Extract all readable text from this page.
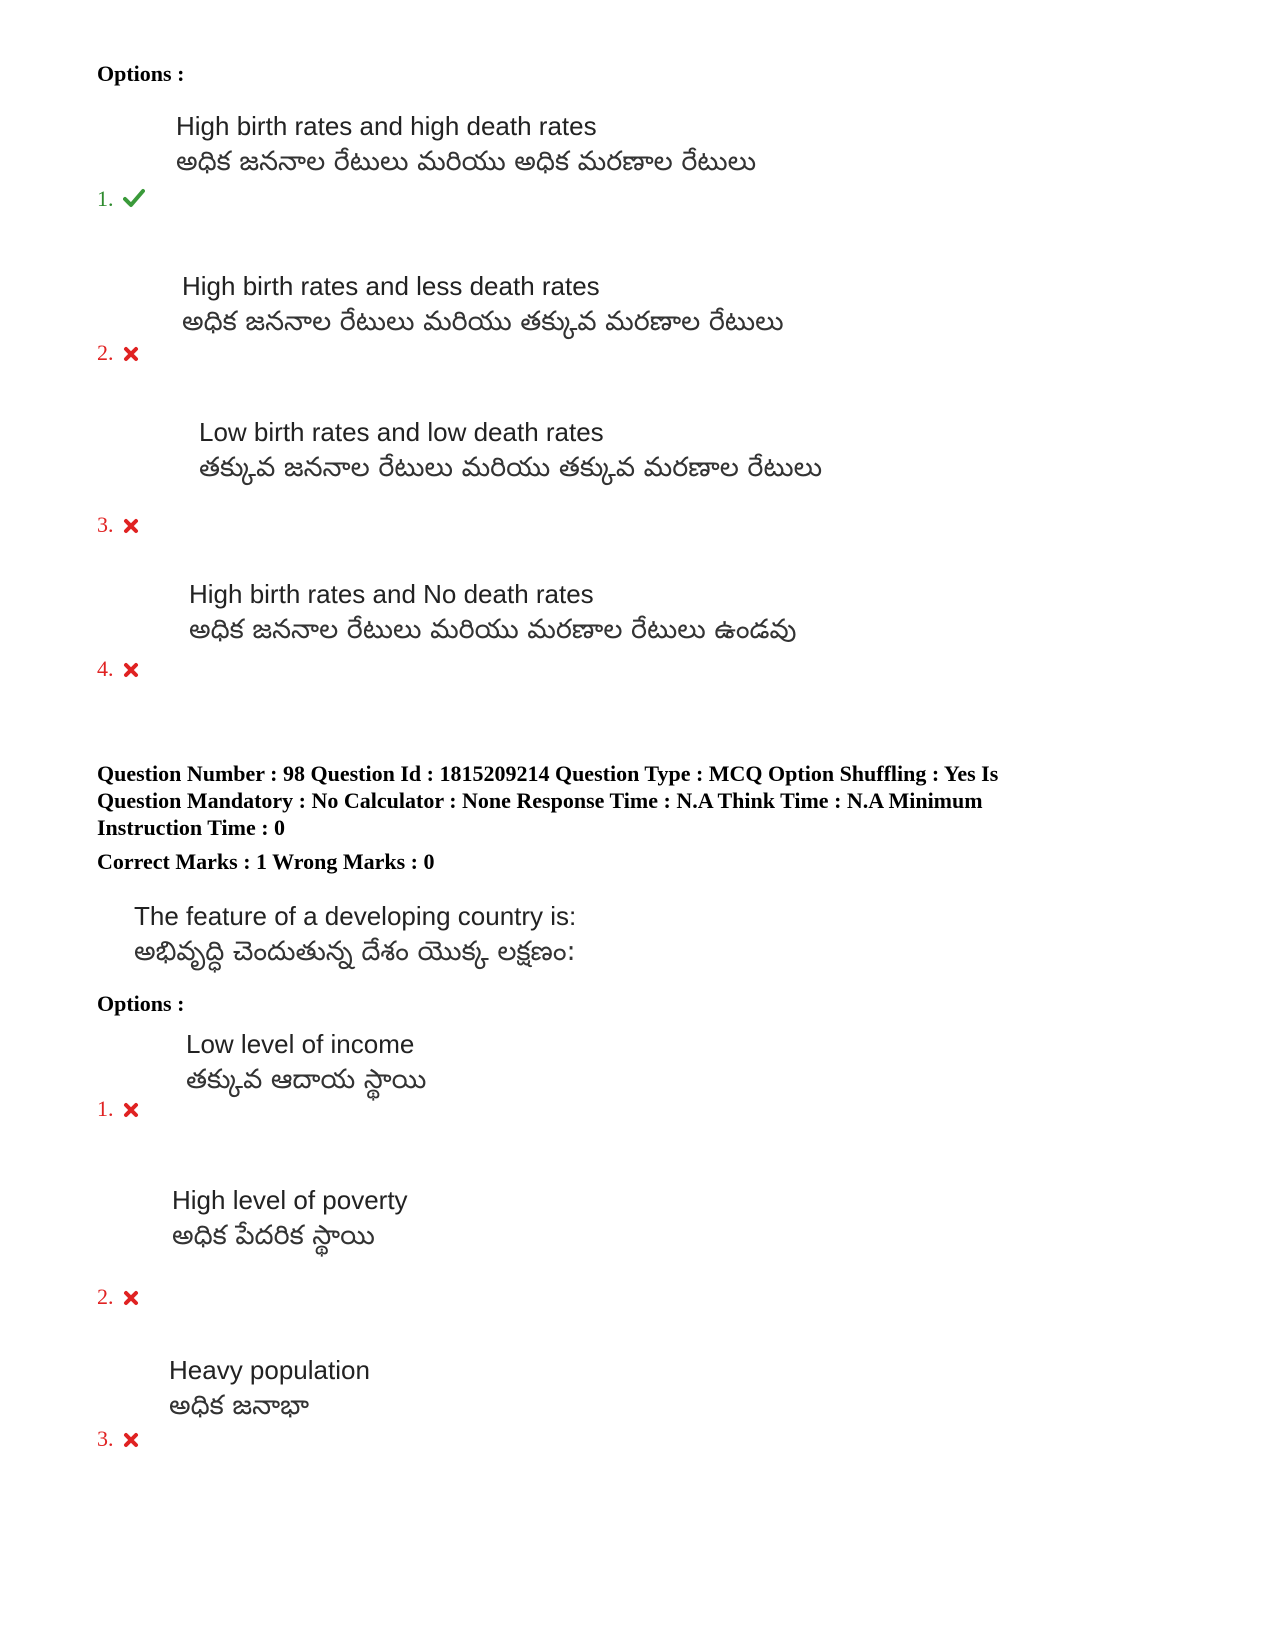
Options :
High birth rates and high death rates
అధిక జననాల రేటులు మరియు అధిక మరణాల రేటులు
1.
High birth rates and less death rates
అధిక జననాల రేటులు మరియు తక్కువ మరణాల రేటులు
2.
Low birth rates and low death rates
తక్కువ జననాల రేటులు మరియు తక్కువ మరణాల రేటులు
3.
High birth rates and No death rates
అధిక జననాల రేటులు మరియు మరణాల రేటులు ఉండవు
4.
Question Number : 98 Question Id : 1815209214 Question Type : MCQ Option Shuffling : Yes Is
Question Mandatory : No Calculator : None Response Time : N.A Think Time : N.A Minimum
Instruction Time : 0
Correct Marks : 1 Wrong Marks : 0
The feature of a developing country is:
అభివృద్ధి చెందుతున్న దేశం యొక్క లక్షణం:
Options :
Low level of income
తక్కువ ఆదాయ స్థాయి
1.
High level of poverty
అధిక పేదరిక స్థాయి
2.
Heavy population
అధిక జనాభా
3.
